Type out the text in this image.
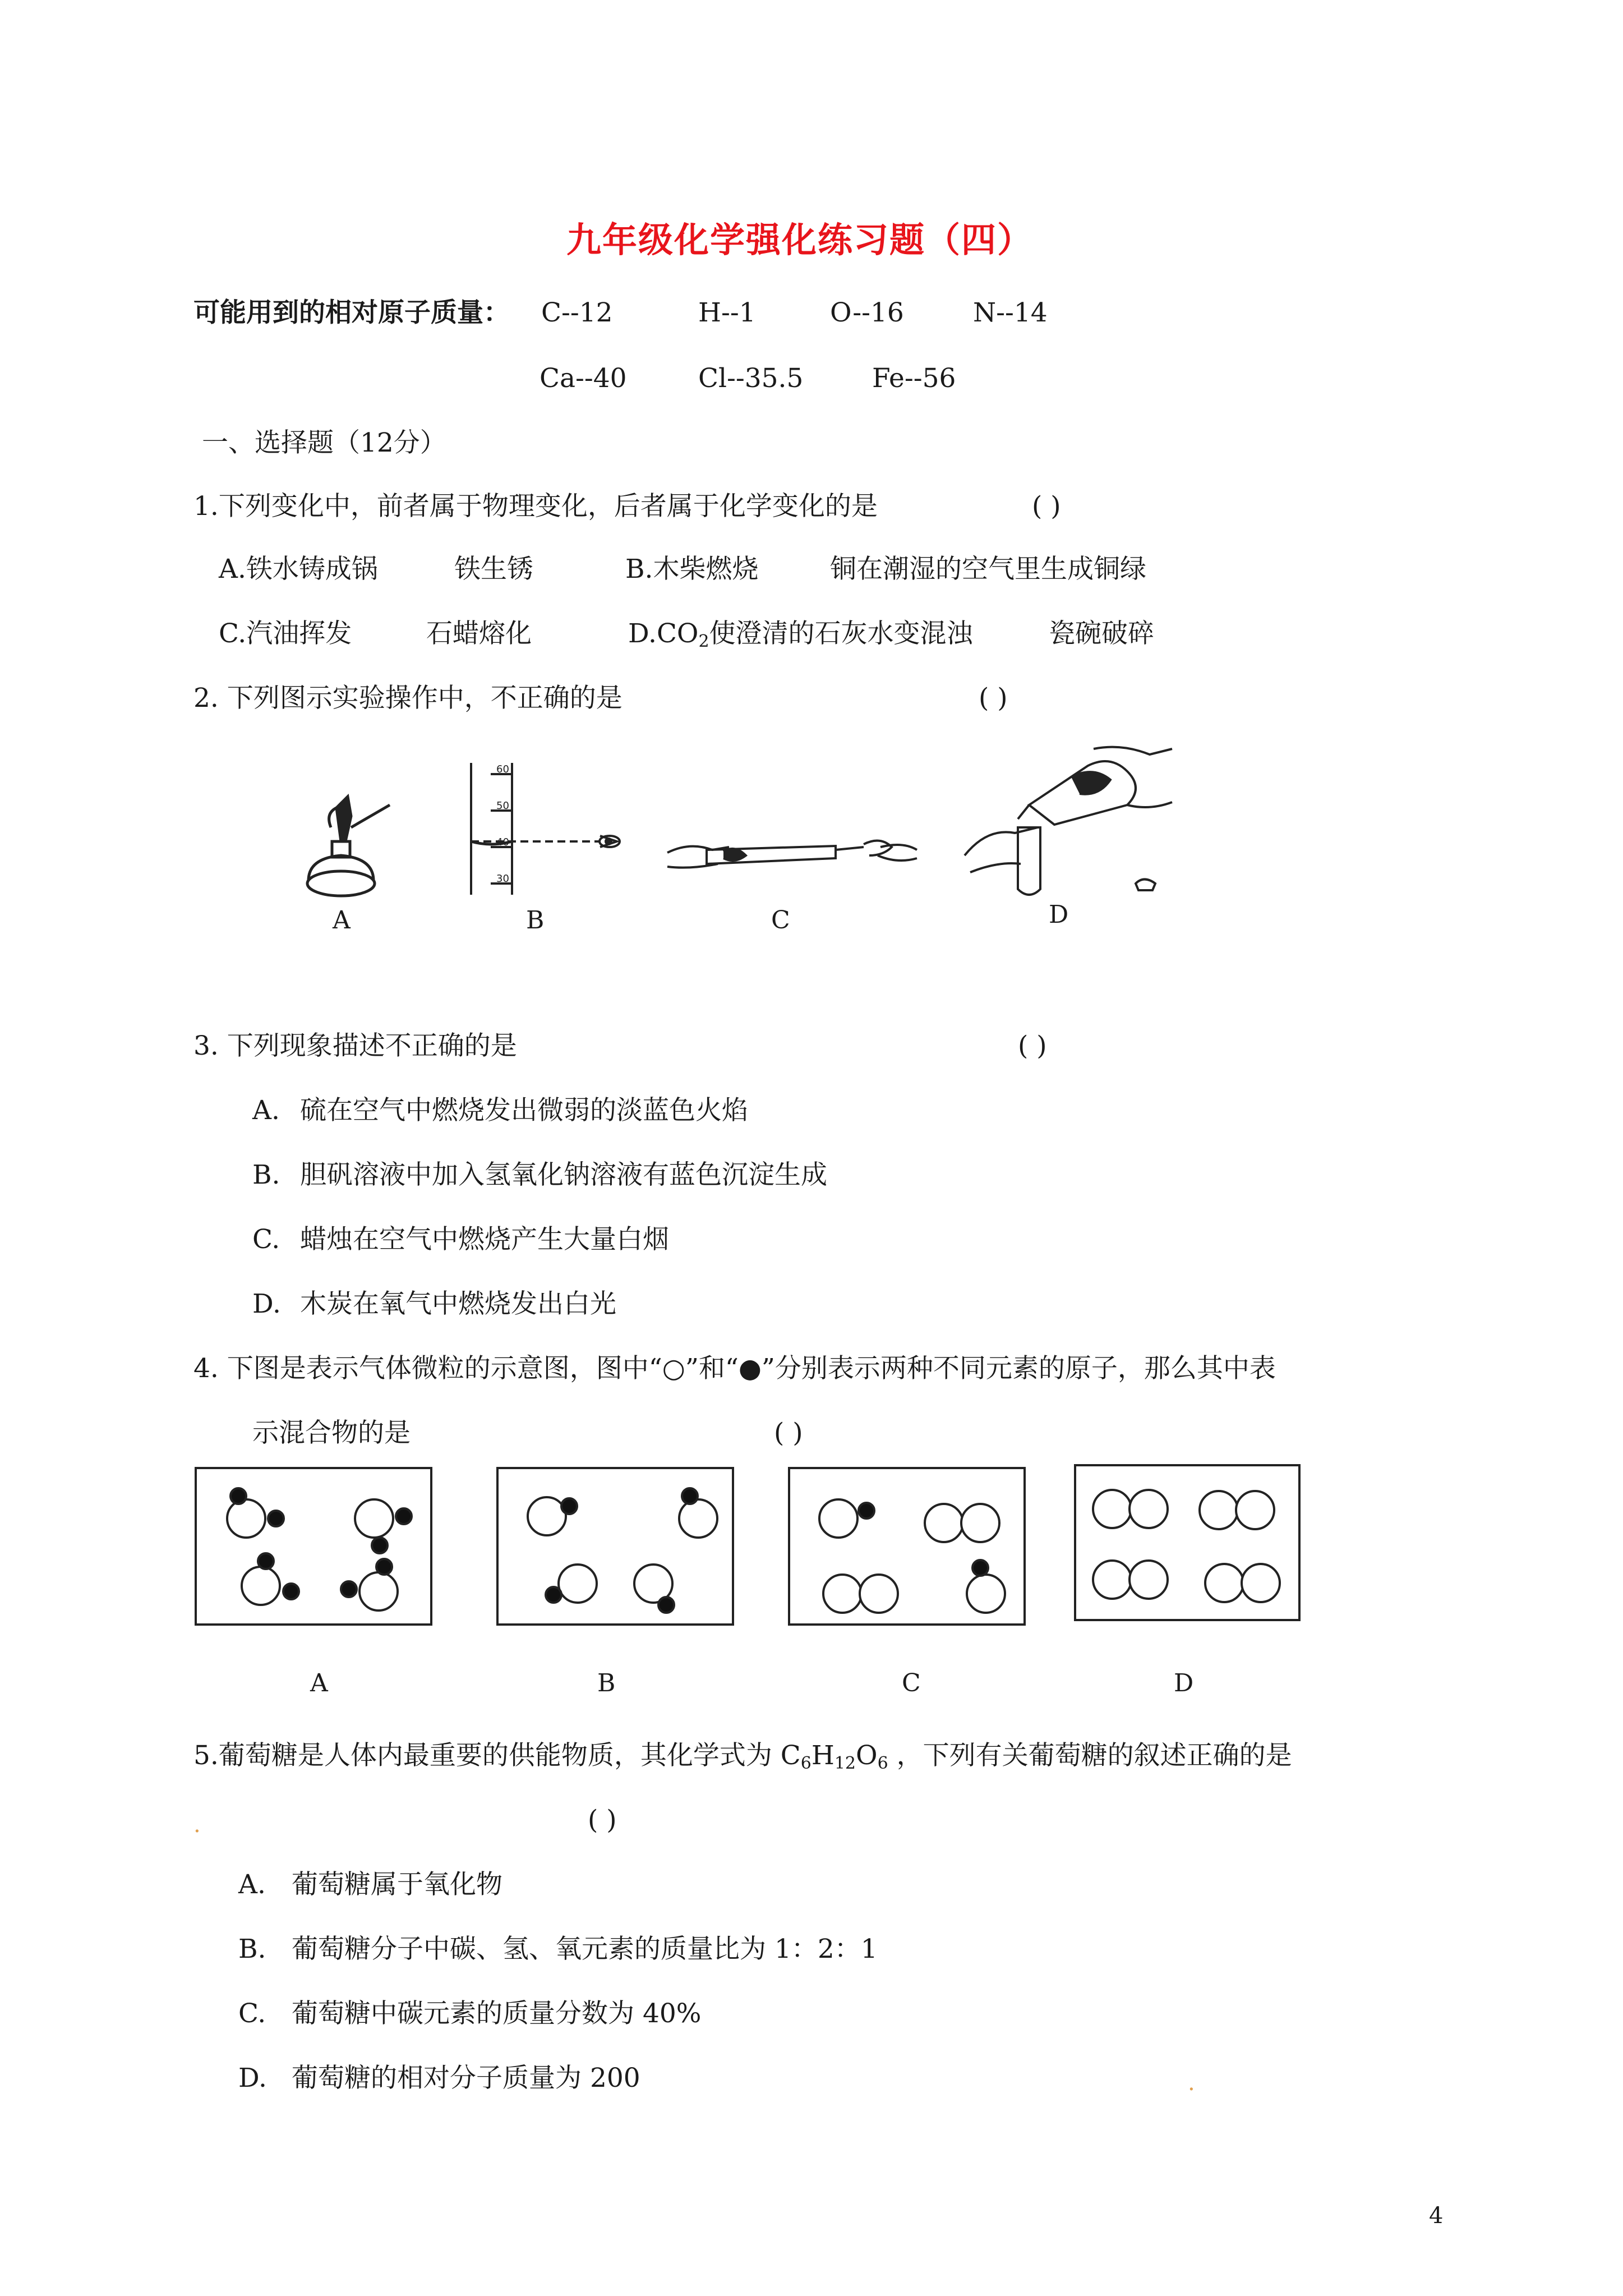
九年级化学强化练习题（四）
可能用到的相对原子质量： C--12	H--1	O--16	N--14
Ca--40	Cl--35.5	Fe--56
一、选择题（12分）
1.下列变化中，前者属于物理变化，后者属于化学变化的是	( )
A.铁水铸成锅	铁生锈	B.木柴燃烧	铜在潮湿的空气里生成铜绿
C.汽油挥发	石蜡熔化	$D.CO_2$使澄清的石灰水变混浊	瓷碗破碎
2. 下列图示实验操作中，不正确的是	( )
A
60
50
40
30
B	C	D
3. 下列现象描述不正确的是	( )
A. 硫在空气中燃烧发出微弱的淡蓝色火焰
B. 胆矾溶液中加入氢氧化钠溶液有蓝色沉淀生成
C. 蜡烛在空气中燃烧产生大量白烟
D. 木炭在氧气中燃烧发出白光
4. 下图是表示气体微粒的示意图，图中“○”和“●”分别表示两种不同元素的原子，那么其中表
示混合物的是	( )
A	B	C	D
5.葡萄糖是人体内最重要的供能物质，其化学式为 $C_6H_{12}O_6$ ，下列有关葡萄糖的叙述正确的是
.	( )
A. 葡萄糖属于氧化物
B. 葡萄糖分子中碳、氢、氧元素的质量比为 1：2：1
C. 葡萄糖中碳元素的质量分数为 40%
D. 葡萄糖的相对分子质量为 200	.
4
